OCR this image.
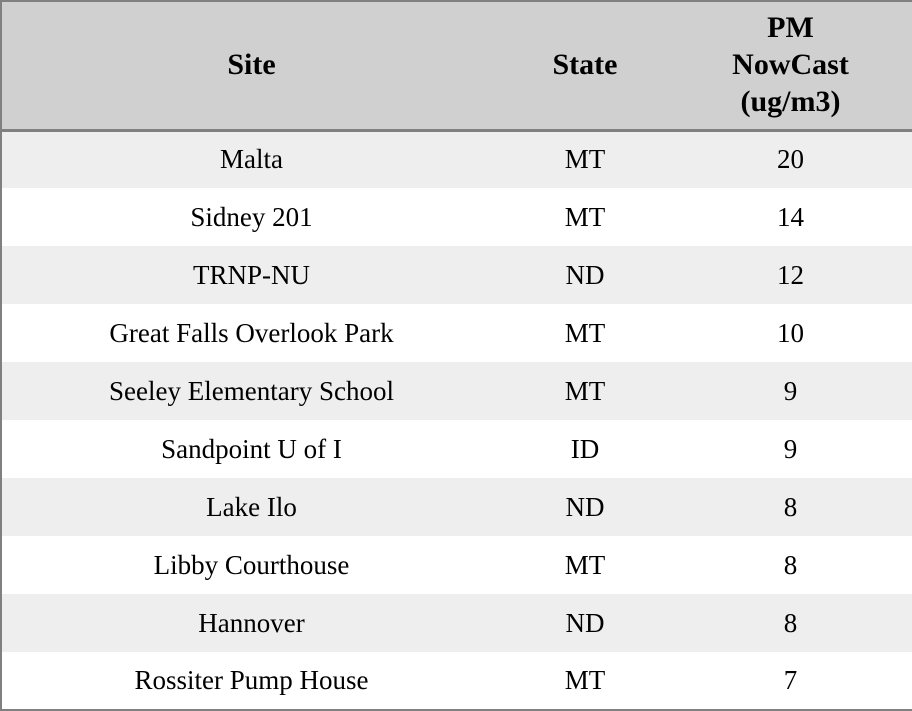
Site	State	PM NowCast (ug/m3)
Malta	MT	20
Sidney 201	MT	14
TRNP-NU	ND	12
Great Falls Overlook Park	MT	10
Seeley Elementary School	MT	9
Sandpoint U of I	ID	9
Lake Ilo	ND	8
Libby Courthouse	MT	8
Hannover	ND	8
Rossiter Pump House	MT	7
